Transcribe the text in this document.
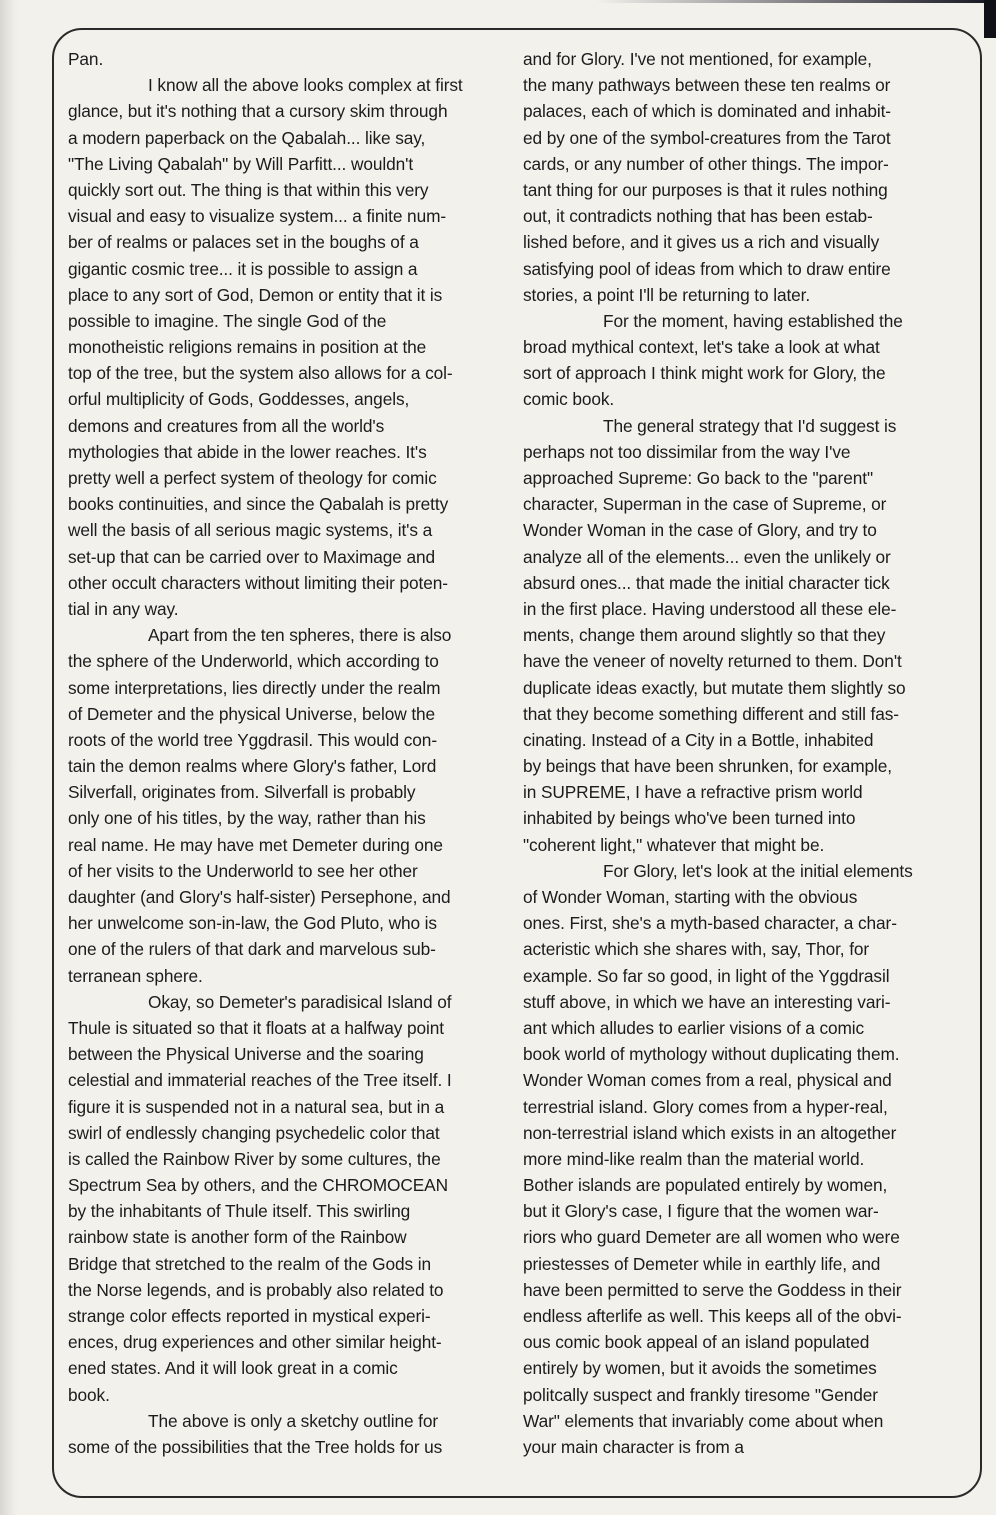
Pan.
I know all the above looks complex at first
glance, but it's nothing that a cursory skim through
a modern paperback on the Qabalah... like say,
"The Living Qabalah" by Will Parfitt... wouldn't
quickly sort out. The thing is that within this very
visual and easy to visualize system... a finite num-
ber of realms or palaces set in the boughs of a
gigantic cosmic tree... it is possible to assign a
place to any sort of God, Demon or entity that it is
possible to imagine. The single God of the
monotheistic religions remains in position at the
top of the tree, but the system also allows for a col-
orful multiplicity of Gods, Goddesses, angels,
demons and creatures from all the world's
mythologies that abide in the lower reaches. It's
pretty well a perfect system of theology for comic
books continuities, and since the Qabalah is pretty
well the basis of all serious magic systems, it's a
set-up that can be carried over to Maximage and
other occult characters without limiting their poten-
tial in any way.
Apart from the ten spheres, there is also
the sphere of the Underworld, which according to
some interpretations, lies directly under the realm
of Demeter and the physical Universe, below the
roots of the world tree Yggdrasil. This would con-
tain the demon realms where Glory's father, Lord
Silverfall, originates from. Silverfall is probably
only one of his titles, by the way, rather than his
real name. He may have met Demeter during one
of her visits to the Underworld to see her other
daughter (and Glory's half-sister) Persephone, and
her unwelcome son-in-law, the God Pluto, who is
one of the rulers of that dark and marvelous sub-
terranean sphere.
Okay, so Demeter's paradisical Island of
Thule is situated so that it floats at a halfway point
between the Physical Universe and the soaring
celestial and immaterial reaches of the Tree itself. I
figure it is suspended not in a natural sea, but in a
swirl of endlessly changing psychedelic color that
is called the Rainbow River by some cultures, the
Spectrum Sea by others, and the CHROMOCEAN
by the inhabitants of Thule itself. This swirling
rainbow state is another form of the Rainbow
Bridge that stretched to the realm of the Gods in
the Norse legends, and is probably also related to
strange color effects reported in mystical experi-
ences, drug experiences and other similar height-
ened states. And it will look great in a comic
book.
The above is only a sketchy outline for
some of the possibilities that the Tree holds for us
and for Glory. I've not mentioned, for example,
the many pathways between these ten realms or
palaces, each of which is dominated and inhabit-
ed by one of the symbol-creatures from the Tarot
cards, or any number of other things. The impor-
tant thing for our purposes is that it rules nothing
out, it contradicts nothing that has been estab-
lished before, and it gives us a rich and visually
satisfying pool of ideas from which to draw entire
stories, a point I'll be returning to later.
For the moment, having established the
broad mythical context, let's take a look at what
sort of approach I think might work for Glory, the
comic book.
The general strategy that I'd suggest is
perhaps not too dissimilar from the way I've
approached Supreme: Go back to the "parent"
character, Superman in the case of Supreme, or
Wonder Woman in the case of Glory, and try to
analyze all of the elements... even the unlikely or
absurd ones... that made the initial character tick
in the first place. Having understood all these ele-
ments, change them around slightly so that they
have the veneer of novelty returned to them. Don't
duplicate ideas exactly, but mutate them slightly so
that they become something different and still fas-
cinating. Instead of a City in a Bottle, inhabited
by beings that have been shrunken, for example,
in SUPREME, I have a refractive prism world
inhabited by beings who've been turned into
"coherent light," whatever that might be.
For Glory, let's look at the initial elements
of Wonder Woman, starting with the obvious
ones. First, she's a myth-based character, a char-
acteristic which she shares with, say, Thor, for
example. So far so good, in light of the Yggdrasil
stuff above, in which we have an interesting vari-
ant which alludes to earlier visions of a comic
book world of mythology without duplicating them.
Wonder Woman comes from a real, physical and
terrestrial island. Glory comes from a hyper-real,
non-terrestrial island which exists in an altogether
more mind-like realm than the material world.
Bother islands are populated entirely by women,
but it Glory's case, I figure that the women war-
riors who guard Demeter are all women who were
priestesses of Demeter while in earthly life, and
have been permitted to serve the Goddess in their
endless afterlife as well. This keeps all of the obvi-
ous comic book appeal of an island populated
entirely by women, but it avoids the sometimes
politcally suspect and frankly tiresome "Gender
War" elements that invariably come about when
your main character is from a
